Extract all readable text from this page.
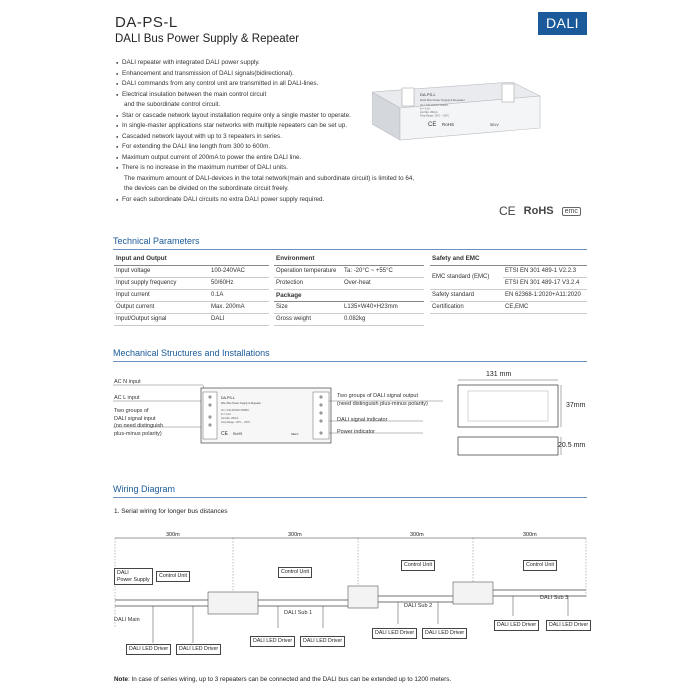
DA-PS-L
DALI Bus Power Supply & Repeater
DALI
● DALI repeater with integrated DALI power supply.
● Enhancement and transmission of DALI signals(bidirectional).
● DALI commands from any control unit are transmitted in all DALI-lines.
● Electrical insulation between the main control circuit
and the subordinate control circuit.
● Star or cascade network layout installation require only a single master to operate.
● In single-master applications star networks with multiple repeaters can be set up.
● Cascaded network layout with up to 3 repeaters in series.
● For extending the DALI line length from 300 to 600m.
● Maximum output current of 200mA to power the entire DALI line.
● There is no increase in the maximum number of DALI units.
The maximum amount of DALI-devices in the total network(main and subordinate circuit) is limited to 64,
the devices can be divided on the subordinate circuit freely.
● For each subordinate DALI circuits no extra DALI power supply required.
DA-PS-L
DALI Bus Power Supply & Repeater
Uin = 100-240VAC 50/60Hz
Iin = 0.1A
Iout Max: 200mA
Temp Range: -20°C ~ +55°C
CE RoHS	SELV
CE RoHS	emc
Technical Parameters
Input and Output	
Input voltage	100-240VAC
Input supply frequency	50/60Hz
Input current	0.1A
Output current	Max. 200mA
Input/Output signal	DALI
Environment	
Operation temperature	Ta: -20°C ~ +55°C
Protection	Over-heat
Package	
Size	L135×W40×H23mm
Gross weight	0.082kg
Safety and EMC	
EMC standard (EMC)	ETSI EN 301 489-1 V2.2.3
	ETSI EN 301 489-17 V3.2.4
Safety standard	EN 62368-1:2020+A11:2020
Certification	CE,EMC
Mechanical Structures and Installations
DA-PS-L
DALI Bus Power Supply & Repeater
Uin = 100-240VAC 50/60Hz
Iin = 0.1A
Iout Max: 200mA
Temp Range: -20°C ~ +55°C
CE RoHS	SELV
AC N input
AC L input
Two groups of
DALI signal input
(no need distinguish
plus-minus polarity)
Two groups of DALI signal output
(need distinguish plus-minus polarity)
DALI signal indicator
Power indicator
131 mm
37mm
20.5 mm
Wiring Diagram
1. Serial wiring for longer bus distances
300m	300m	300m	300m
DALI
Power Supply
Control Unit
Control Unit
Control Unit	Control Unit
DALI Main
DALI Sub 1
DALI Sub 2
DALI Sub 3
DALI LED Driver	DALI LED Driver
DALI LED Driver	DALI LED Driver
DALI LED Driver	DALI LED Driver
DALI LED Driver	DALI LED Driver
Note: In case of series wiring, up to 3 repeaters can be connected and the DALI bus can be extended up to 1200 meters.
